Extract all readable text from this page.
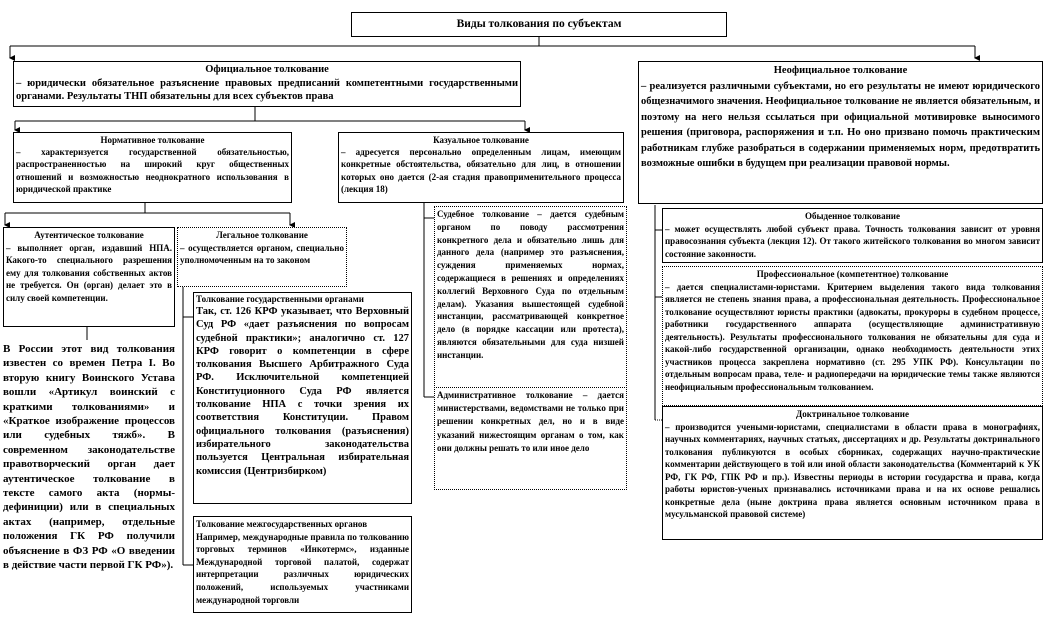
Виды толкования по субъектам
Официальное толкование
– юридически обязательное разъяснение правовых предписаний компетентными государственными органами. Результаты ТНП обязательны для всех субъектов права
Неофициальное толкование
– реализуется различными субъектами, но его результаты не имеют юридического общезначимого значения. Неофициальное толкование не является обязательным, и поэтому на него нельзя ссылаться при официальной мотивировке выносимого решения (приговора, распоряжения и т.п. Но оно призвано помочь практическим работникам глубже разобраться в содержании применяемых норм, предотвратить возможные ошибки в будущем при реализации правовой нормы.
Нормативное толкование
– характеризуется государственной обязательностью, распространенностью на широкий круг общественных отношений и возможностью неоднократного использования в юридической практике
Казуальное толкование
– адресуется персонально определенным лицам, имеющим конкретные обстоятельства, обязательно для лиц, в отношении которых оно дается (2-ая стадия правоприменительного процесса (лекция 18)
Аутентическое толкование
– выполняет орган, издавший НПА. Какого-то специального разрешения ему для толкования собственных актов не требуется. Он (орган) делает это в силу своей компетенции.
В России этот вид толкования известен со времен Петра I. Во вторую книгу Воинского Устава вошли «Артикул воинский с краткими толкованиями» и «Краткое изображение процессов или судебных тяжб». В современном законодательстве правотворческий орган дает аутентическое толкование в тексте самого акта (нормы-дефиниции) или в специальных актах (например, отдельные положения ГК РФ получили объяснение в ФЗ РФ «О введении в действие части первой ГК РФ»).
Легальное толкование
– осуществляется органом, специально уполномоченным на то законом
Толкование государственными органами
Так, ст. 126 КРФ указывает, что Верховный Суд РФ «дает разъяснения по вопросам судебной практики»; аналогично ст. 127 КРФ говорит о компетенции в сфере толкования Высшего Арбитражного Суда РФ. Исключительной компетенцией Конституционного Суда РФ является толкование НПА с точки зрения их соответствия Конституции. Правом официального толкования (разъяснения) избирательного законодательства пользуется Центральная избирательная комиссия (Центризбирком)
Толкование межгосударственных органов
Например, международные правила по толкованию торговых терминов «Инкотермс», изданные Международной торговой палатой, содержат интерпретации различных юридических положений, используемых участниками международной торговли
Судебное толкование – дается судебным органом по поводу рассмотрения конкретного дела и обязательно лишь для данного дела (например это разъяснения, суждения применяемых нормах, содержащиеся в решениях и определениях коллегий Верховного Суда по отдельным делам). Указания вышестоящей судебной инстанции, рассматривающей конкретное дело (в порядке кассации или протеста), являются обязательными для суда низшей инстанции.
Административное толкование – дается министерствами, ведомствами не только при решении конкретных дел, но и в виде указаний нижестоящим органам о том, как они должны решать то или иное дело
Обыденное толкование
– может осуществлять любой субъект права. Точность толкования зависит от уровня правосознания субъекта (лекция 12). От такого житейского толкования во многом зависит состояние законности.
Профессиональное (компетентное) толкование
– дается специалистами-юристами. Критерием выделения такого вида толкования является не степень знания права, а профессиональная деятельность. Профессиональное толкование осуществляют юристы практики (адвокаты, прокуроры в судебном процессе, работники государственного аппарата (осуществляющие административную деятельность). Результаты профессионального толкования не обязательны для суда и какой-либо государственной организации, однако необходимость деятельности этих участников процесса закреплена нормативно (ст. 295 УПК РФ). Консультации по отдельным вопросам права, теле- и радиопередачи на юридические темы также являются неофициальным профессиональным толкованием.
Доктринальное толкование
– производится учеными-юристами, специалистами в области права в монографиях, научных комментариях, научных статьях, диссертациях и др. Результаты доктринального толкования публикуются в особых сборниках, содержащих научно-практические комментарии действующего в той или иной области законодательства (Комментарий к УК РФ, ГК РФ, ГПК РФ и пр.). Известны периоды в истории государства и права, когда работы юристов-ученых признавались источниками права и на их основе решались конкретные дела (ныне доктрина права является основным источником права в мусульманской правовой системе)
